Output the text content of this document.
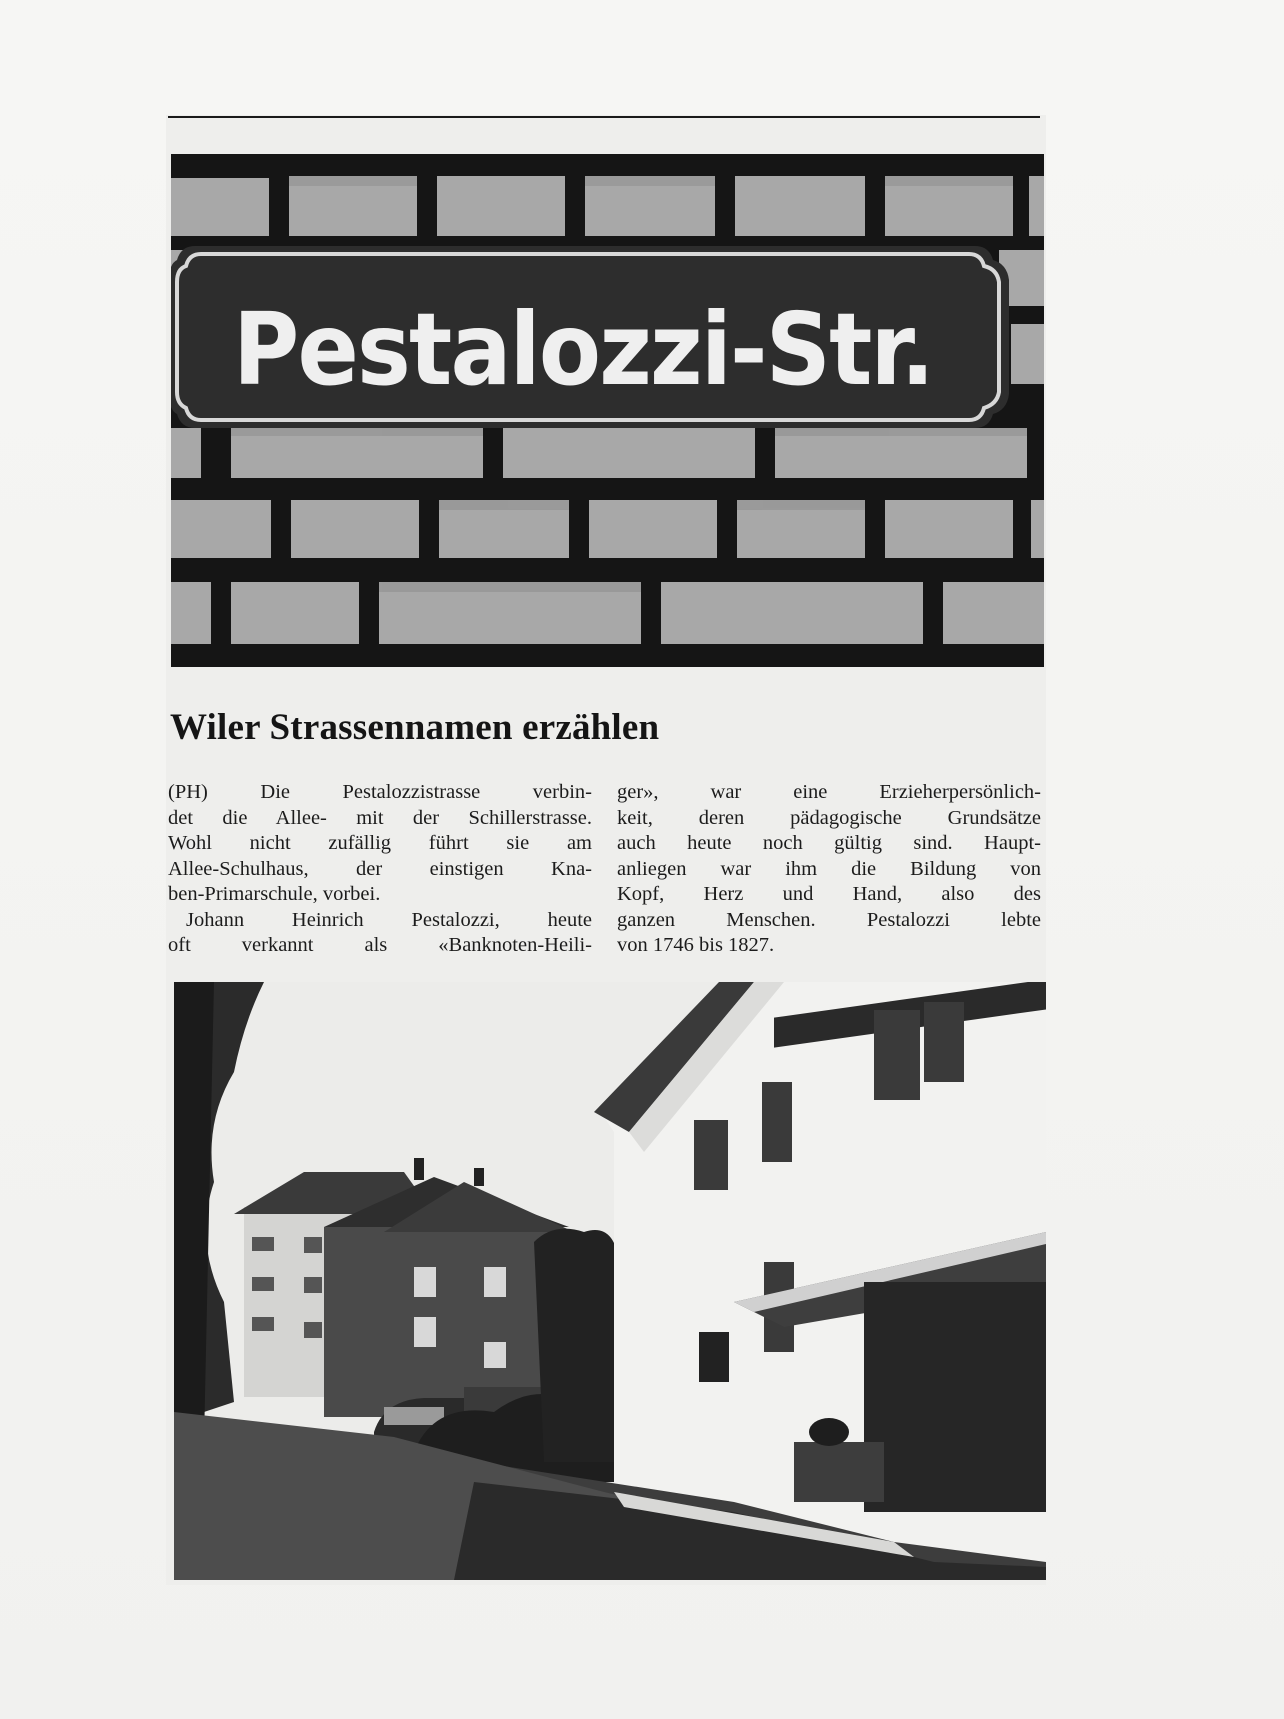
Pestalozzi-Str.
Wiler Strassennamen erzählen
(PH) Die Pestalozzistrasse verbin-
det die Allee- mit der Schillerstrasse.
Wohl nicht zufällig führt sie am
Allee-Schulhaus, der einstigen Kna-
ben-Primarschule, vorbei.
Johann Heinrich Pestalozzi, heute
oft verkannt als «Banknoten-Heili-
ger», war eine Erzieherpersönlich-
keit, deren pädagogische Grundsätze
auch heute noch gültig sind. Haupt-
anliegen war ihm die Bildung von
Kopf, Herz und Hand, also des
ganzen Menschen. Pestalozzi lebte
von 1746 bis 1827.
